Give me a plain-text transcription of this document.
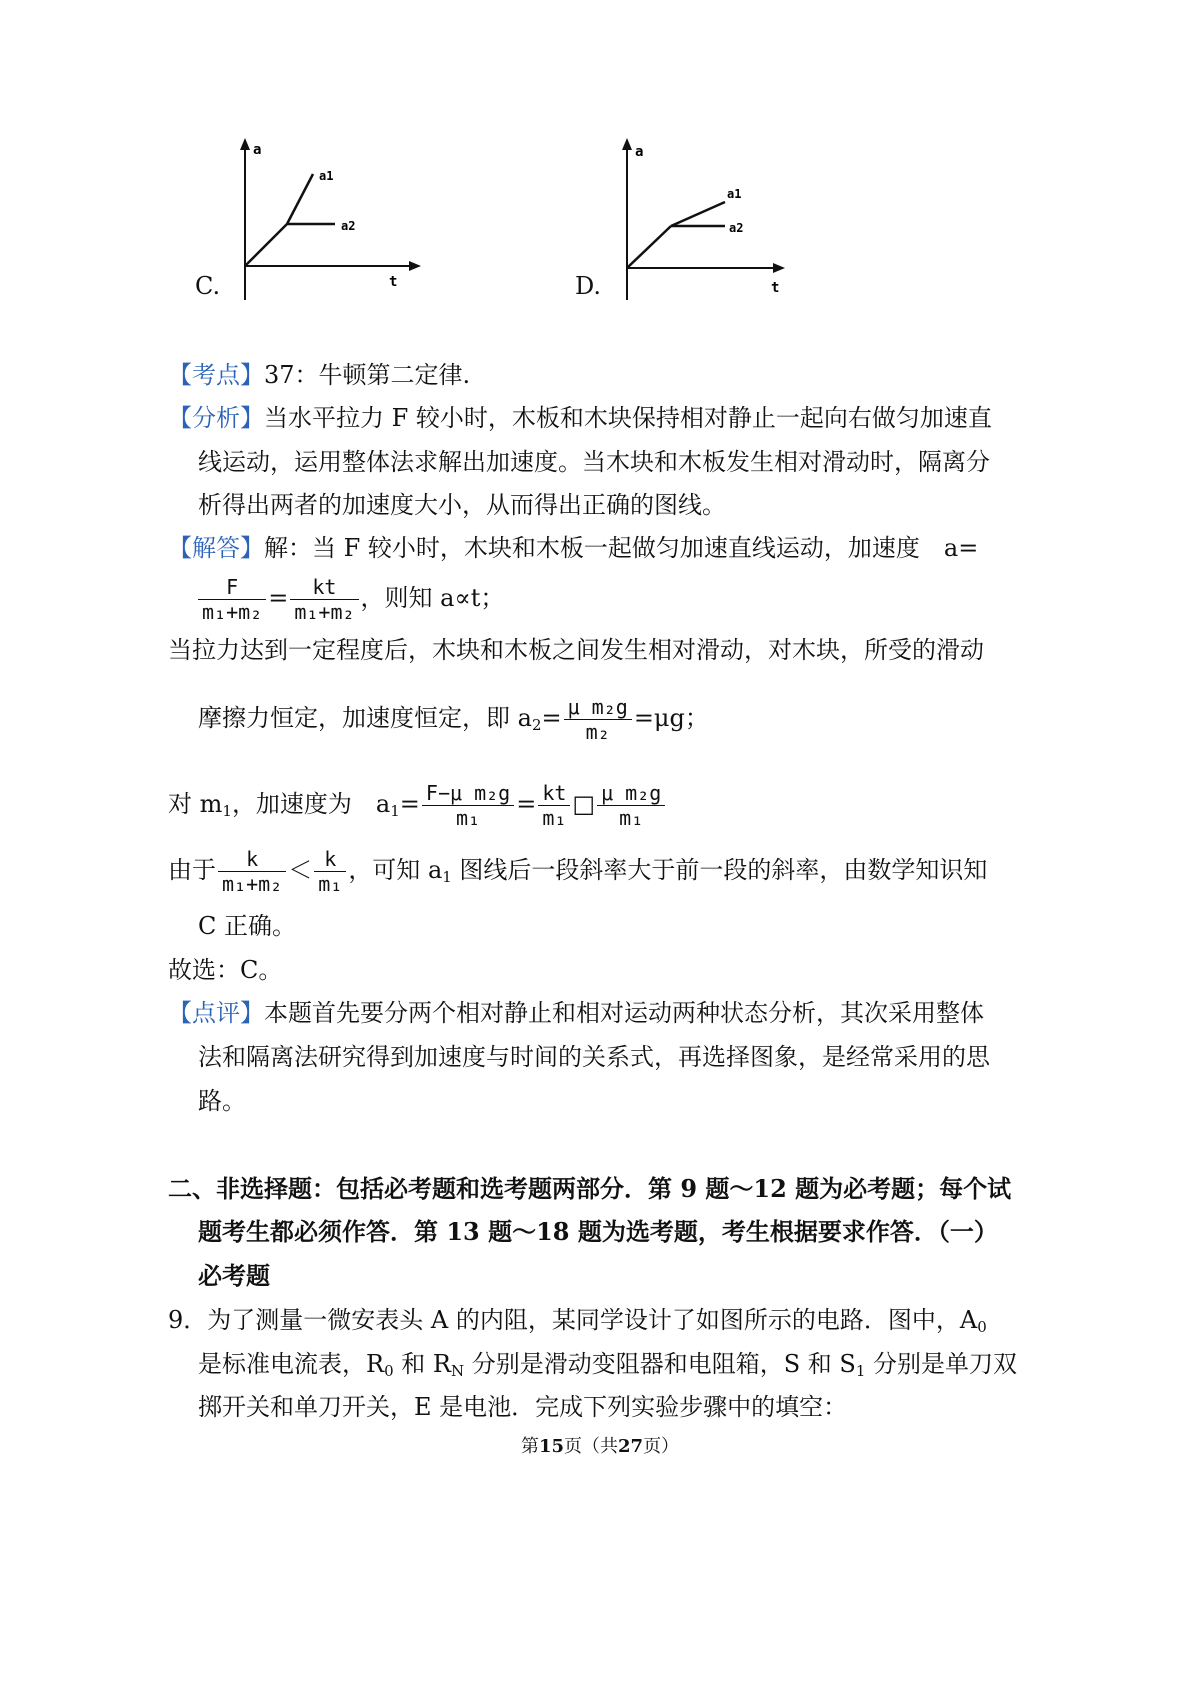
C.
a
t
a1
a2
D.
a
t
a1
a2
【考点】37：牛顿第二定律.
【分析】当水平拉力 F 较小时，木板和木块保持相对静止一起向右做匀加速直
线运动，运用整体法求解出加速度。当木块和木板发生相对滑动时，隔离分
析得出两者的加速度大小，从而得出正确的图线。
【解答】解：当 F 较小时，木块和木板一起做匀加速直线运动，加速度　a=
$\frac{F}{\text{m₁+m₂}} = \frac{kt}{\text{m₁+m₂}}$ ，则知 a∝t；
当拉力达到一定程度后，木块和木板之间发生相对滑动，对木块，所受的滑动
摩擦力恒定，加速度恒定，即 $a_2= \frac{\text{μ m₂g}}{\text{m₂}} =\mu g$；
对 $m_1$，加速度为　$a_1= \frac{\text{F−μ m₂g}}{\text{m₁}} = \frac{kt}{\text{m₁}}$ □ $\frac{\text{μ m₂g}}{\text{m₁}}$
由于 $\frac{k}{\text{m₁+m₂}} < \frac{k}{\text{m₁}}$ ，可知 $a_1$ 图线后一段斜率大于前一段的斜率，由数学知识知
C 正确。
故选：C。
【点评】本题首先要分两个相对静止和相对运动两种状态分析，其次采用整体
法和隔离法研究得到加速度与时间的关系式，再选择图象，是经常采用的思
路。
二、非选择题：包括必考题和选考题两部分．第 9 题～12 题为必考题；每个试
题考生都必须作答．第 13 题～18 题为选考题，考生根据要求作答．（一）
必考题
9．为了测量一微安表头 A 的内阻，某同学设计了如图所示的电路．图中，$A_0$
是标准电流表，$R_0$ 和 $R_N$ 分别是滑动变阻器和电阻箱，S 和 $S_1$ 分别是单刀双
掷开关和单刀开关，E 是电池．完成下列实验步骤中的填空：
第15页（共27页）
